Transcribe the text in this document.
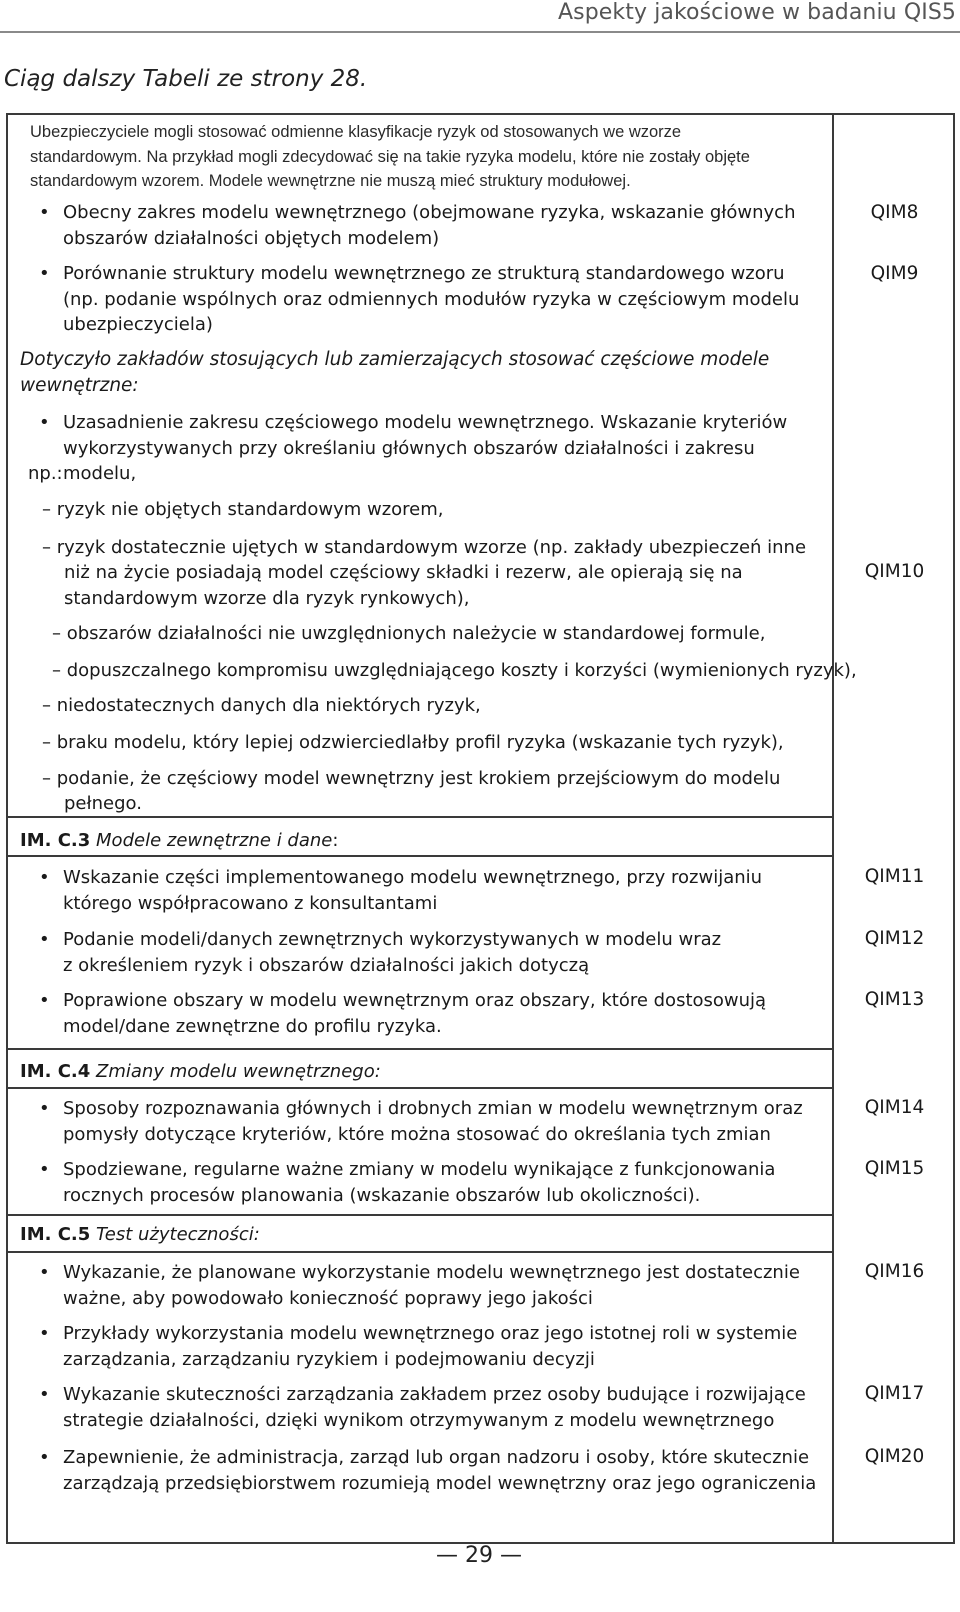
Aspekty jakościowe w badaniu QIS5
Ciąg dalszy Tabeli ze strony 28.
Ubezpieczyciele mogli stosować odmienne klasyfikacje ryzyk od stosowanych we wzorze
standardowym. Na przykład mogli zdecydować się na takie ryzyka modelu, które nie zostały objęte
standardowym wzorem. Modele wewnętrzne nie muszą mieć struktury modułowej.
• Obecny zakres modelu wewnętrznego (obejmowane ryzyka, wskazanie głównych
obszarów działalności objętych modelem)
QIM8
• Porównanie struktury modelu wewnętrznego ze strukturą standardowego wzoru
(np. podanie wspólnych oraz odmiennych modułów ryzyka w częściowym modelu
ubezpieczyciela)
QIM9
Dotyczyło zakładów stosujących lub zamierzających stosować częściowe modele
wewnętrzne:
• Uzasadnienie zakresu częściowego modelu wewnętrznego. Wskazanie kryteriów
wykorzystywanych przy określaniu głównych obszarów działalności i zakresu modelu,
np.:
– ryzyk nie objętych standardowym wzorem,
– ryzyk dostatecznie ujętych w standardowym wzorze (np. zakłady ubezpieczeń inne
niż na życie posiadają model częściowy składki i rezerw, ale opierają się na
standardowym wzorze dla ryzyk rynkowych),
– obszarów działalności nie uwzględnionych należycie w standardowej formule,
– dopuszczalnego kompromisu uwzględniającego koszty i korzyści (wymienionych ryzyk),
– niedostatecznych danych dla niektórych ryzyk,
– braku modelu, który lepiej odzwierciedlałby profil ryzyka (wskazanie tych ryzyk),
– podanie, że częściowy model wewnętrzny jest krokiem przejściowym do modelu
pełnego.
QIM10
IM. C.3 Modele zewnętrzne i dane:
• Wskazanie części implementowanego modelu wewnętrznego, przy rozwijaniu
którego współpracowano z konsultantami
QIM11
• Podanie modeli/danych zewnętrznych wykorzystywanych w modelu wraz
z określeniem ryzyk i obszarów działalności jakich dotyczą
QIM12
• Poprawione obszary w modelu wewnętrznym oraz obszary, które dostosowują
model/dane zewnętrzne do profilu ryzyka.
QIM13
IM. C.4 Zmiany modelu wewnętrznego:
• Sposoby rozpoznawania głównych i drobnych zmian w modelu wewnętrznym oraz
pomysły dotyczące kryteriów, które można stosować do określania tych zmian
QIM14
• Spodziewane, regularne ważne zmiany w modelu wynikające z funkcjonowania
rocznych procesów planowania (wskazanie obszarów lub okoliczności).
QIM15
IM. C.5 Test użyteczności:
• Wykazanie, że planowane wykorzystanie modelu wewnętrznego jest dostatecznie
ważne, aby powodowało konieczność poprawy jego jakości
QIM16
• Przykłady wykorzystania modelu wewnętrznego oraz jego istotnej roli w systemie
zarządzania, zarządzaniu ryzykiem i podejmowaniu decyzji
• Wykazanie skuteczności zarządzania zakładem przez osoby budujące i rozwijające
strategie działalności, dzięki wynikom otrzymywanym z modelu wewnętrznego
QIM17
• Zapewnienie, że administracja, zarząd lub organ nadzoru i osoby, które skutecznie
zarządzają przedsiębiorstwem rozumieją model wewnętrzny oraz jego ograniczenia
QIM20
— 29 —
